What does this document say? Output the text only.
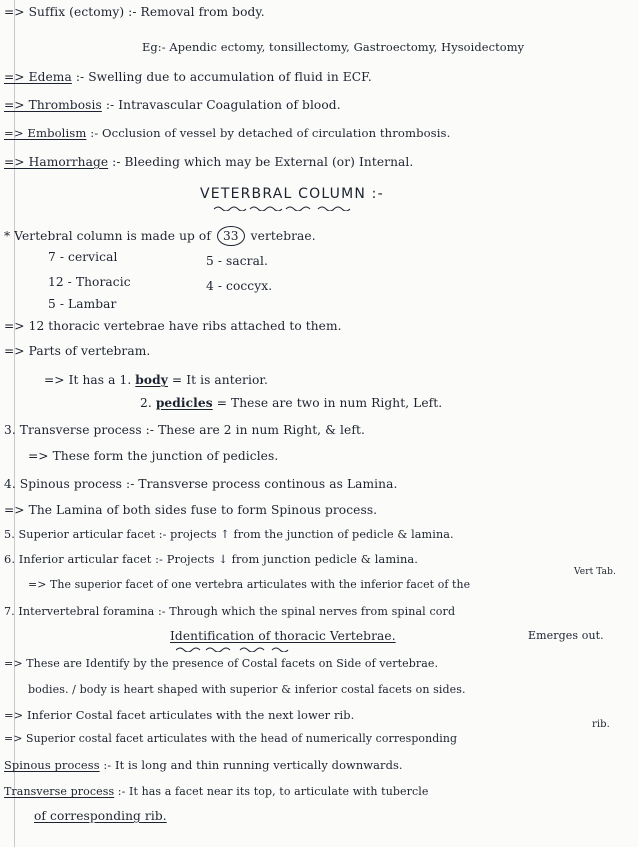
=> Suffix (ectomy) :- Removal from body.
Eg:- Apendic ectomy, tonsillectomy, Gastroectomy, Hysoidectomy
=> Edema :- Swelling due to accumulation of fluid in ECF.
=> Thrombosis :- Intravascular Coagulation of blood.
=> Embolism :- Occlusion of vessel by detached of circulation thrombosis.
=> Hamorrhage :- Bleeding which may be External (or) Internal.
VETERBRAL COLUMN :-
* Vertebral column is made up of 33 vertebrae.
7 - cervical	5 - sacral.
12 - Thoracic	4 - coccyx.
5 - Lambar
=> 12 thoracic vertebrae have ribs attached to them.
=> Parts of vertebram.
=> It has a 1. body = It is anterior.
2. pedicles = These are two in num Right, Left.
3. Transverse process :- These are 2 in num Right, & left.
=> These form the junction of pedicles.
4. Spinous process :- Transverse process continous as Lamina.
=> The Lamina of both sides fuse to form Spinous process.
5. Superior articular facet :- projects ↑ from the junction of pedicle & lamina.
6. Inferior articular facet :- Projects ↓ from junction pedicle & lamina.
Vert Tab.
=> The superior facet of one vertebra articulates with the inferior facet of the
7. Intervertebral foramina :- Through which the spinal nerves from spinal cord
Emerges out.
Identification of thoracic Vertebrae.
=> These are Identify by the presence of Costal facets on Side of vertebrae.
bodies. / body is heart shaped with superior & inferior costal facets on sides.
=> Inferior Costal facet articulates with the next lower rib.
rib.
=> Superior costal facet articulates with the head of numerically corresponding
Spinous process :- It is long and thin running vertically downwards.
Transverse process :- It has a facet near its top, to articulate with tubercle
of corresponding rib.
